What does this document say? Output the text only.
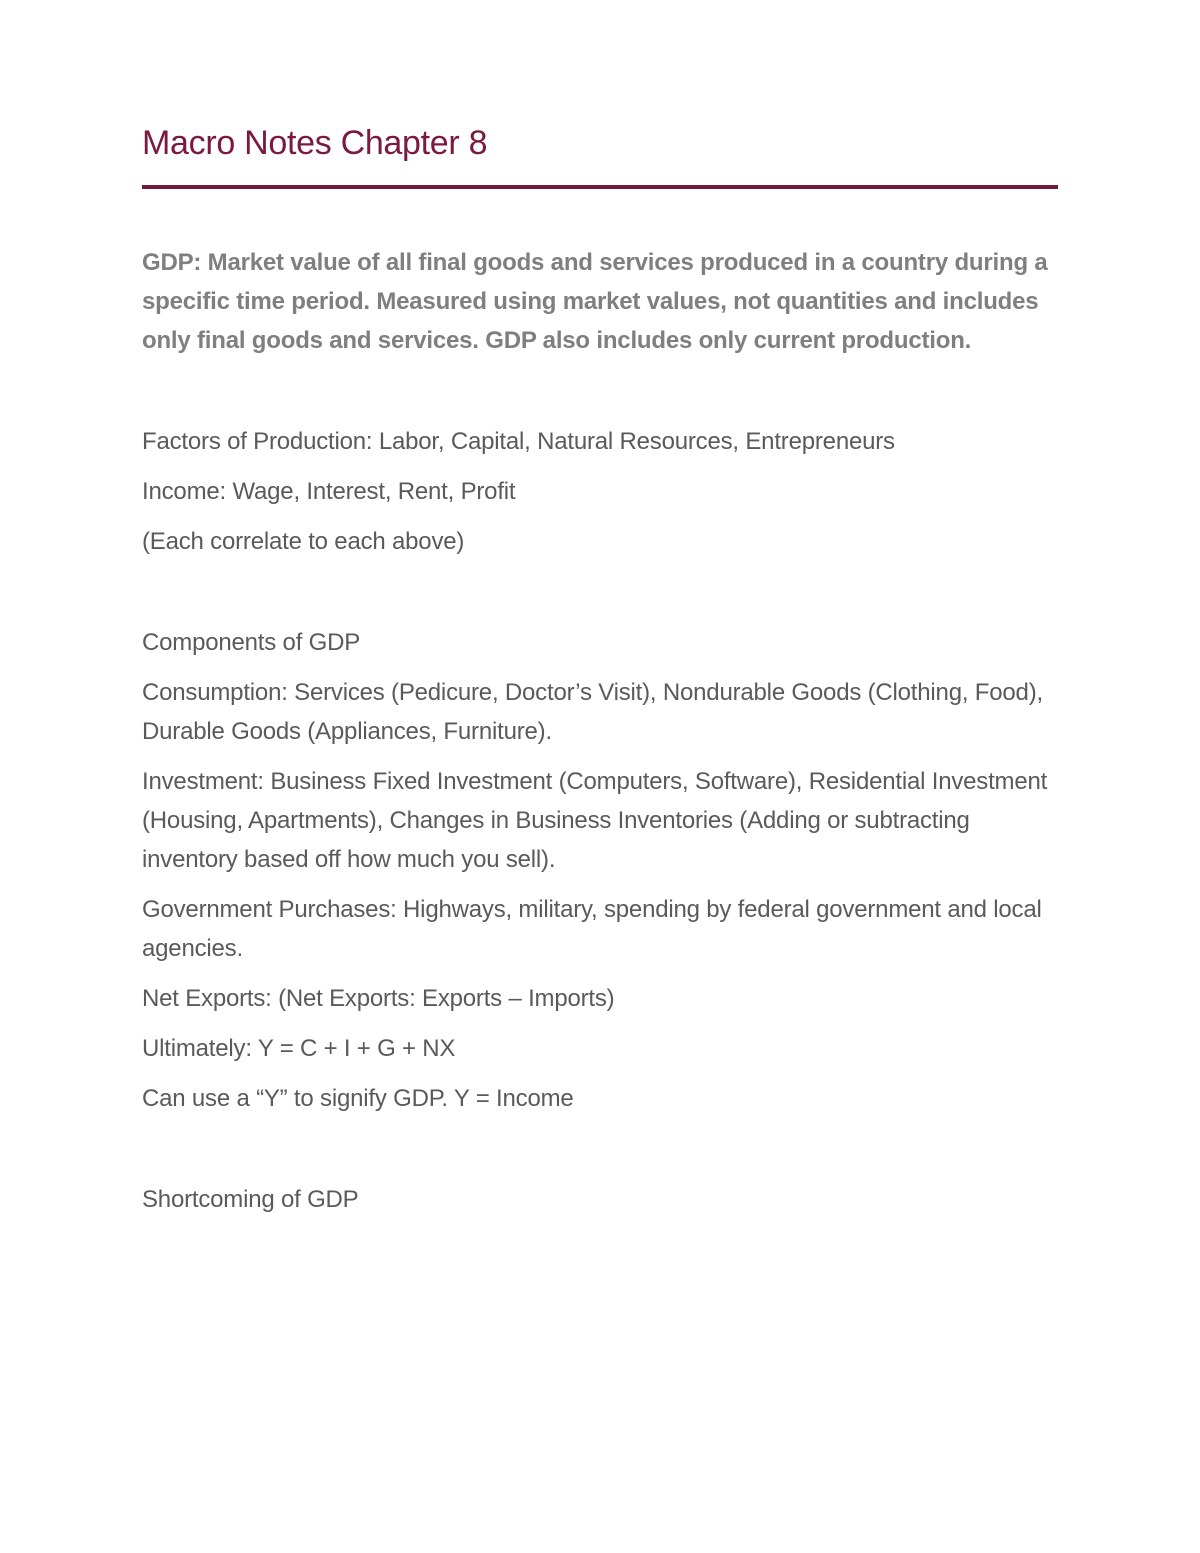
Macro Notes Chapter 8

GDP: Market value of all final goods and services produced in a country during a specific time period. Measured using market values, not quantities and includes only final goods and services. GDP also includes only current production.

Factors of Production: Labor, Capital, Natural Resources, Entrepreneurs

Income: Wage, Interest, Rent, Profit

(Each correlate to each above)

Components of GDP

Consumption: Services (Pedicure, Doctor’s Visit), Nondurable Goods (Clothing, Food), Durable Goods (Appliances, Furniture).

Investment: Business Fixed Investment (Computers, Software), Residential Investment (Housing, Apartments), Changes in Business Inventories (Adding or subtracting inventory based off how much you sell).

Government Purchases: Highways, military, spending by federal government and local agencies.

Net Exports: (Net Exports: Exports – Imports)

Ultimately: Y = C + I + G + NX

Can use a “Y” to signify GDP. Y = Income

Shortcoming of GDP
